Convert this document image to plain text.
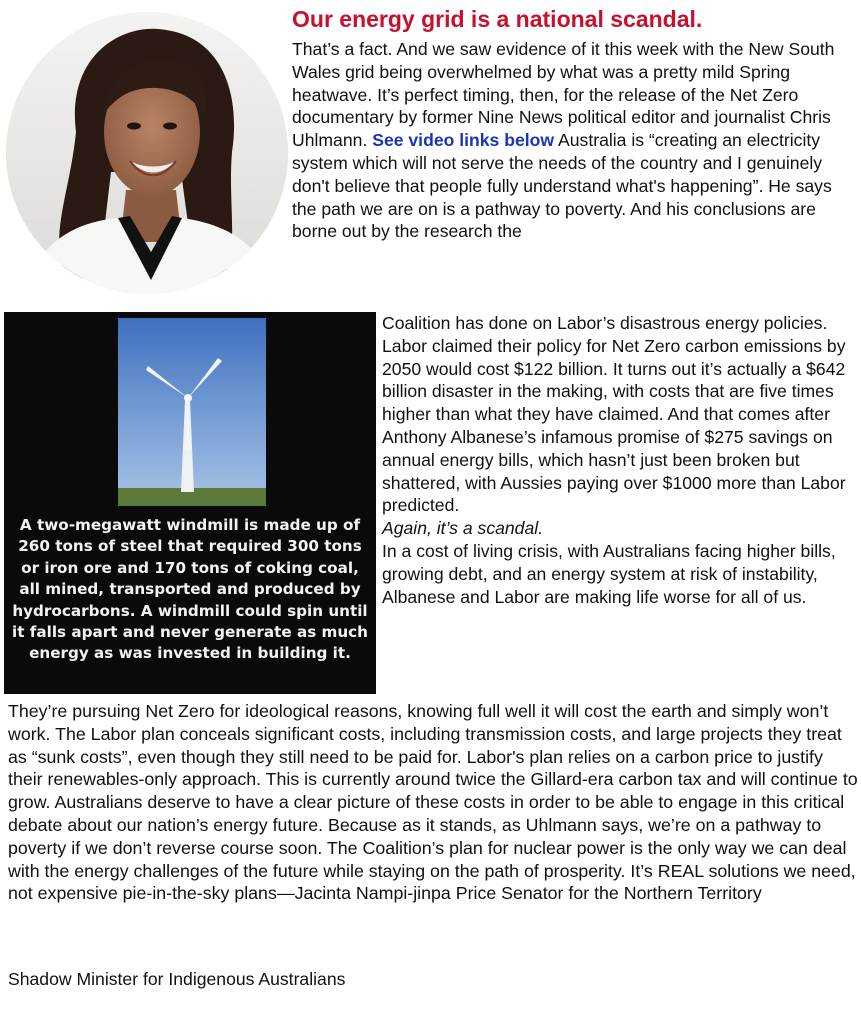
Our energy grid is a national scandal.

That’s a fact. And we saw evidence of it this week with the New South Wales grid being overwhelmed by what was a pretty mild Spring heatwave. It’s perfect timing, then, for the release of the Net Zero documentary by former Nine News political editor and journalist Chris Uhlmann. See video links below Australia is “creating an electricity system which will not serve the needs of the country and I genuinely don't believe that people fully understand what's happening”. He says the path we are on is a pathway to poverty. And his conclusions are borne out by the research the

A two-megawatt windmill is made up of 260 tons of steel that required 300 tons or iron ore and 170 tons of coking coal, all mined, transported and produced by hydrocarbons. A windmill could spin until it falls apart and never generate as much energy as was invested in building it.

Coalition has done on Labor’s disastrous energy policies. Labor claimed their policy for Net Zero carbon emissions by 2050 would cost $122 billion. It turns out it’s actually a $642 billion disaster in the making, with costs that are five times higher than what they have claimed. And that comes after Anthony Albanese’s infamous promise of $275 savings on annual energy bills, which hasn’t just been broken but shattered, with Aussies paying over $1000 more than Labor predicted.
Again, it’s a scandal.
In a cost of living crisis, with Australians facing higher bills, growing debt, and an energy system at risk of instability, Albanese and Labor are making life worse for all of us.

They’re pursuing Net Zero for ideological reasons, knowing full well it will cost the earth and simply won’t work. The Labor plan conceals significant costs, including transmission costs, and large projects they treat as “sunk costs”, even though they still need to be paid for. Labor's plan relies on a carbon price to justify their renewables-only approach. This is currently around twice the Gillard-era carbon tax and will continue to grow. Australians deserve to have a clear picture of these costs in order to be able to engage in this critical debate about our nation’s energy future. Because as it stands, as Uhlmann says, we’re on a pathway to poverty if we don’t reverse course soon. The Coalition’s plan for nuclear power is the only way we can deal with the energy challenges of the future while staying on the path of prosperity. It’s REAL solutions we need, not expensive pie-in-the-sky plans—Jacinta Nampi-jinpa Price Senator for the Northern Territory

Shadow Minister for Indigenous Australians
